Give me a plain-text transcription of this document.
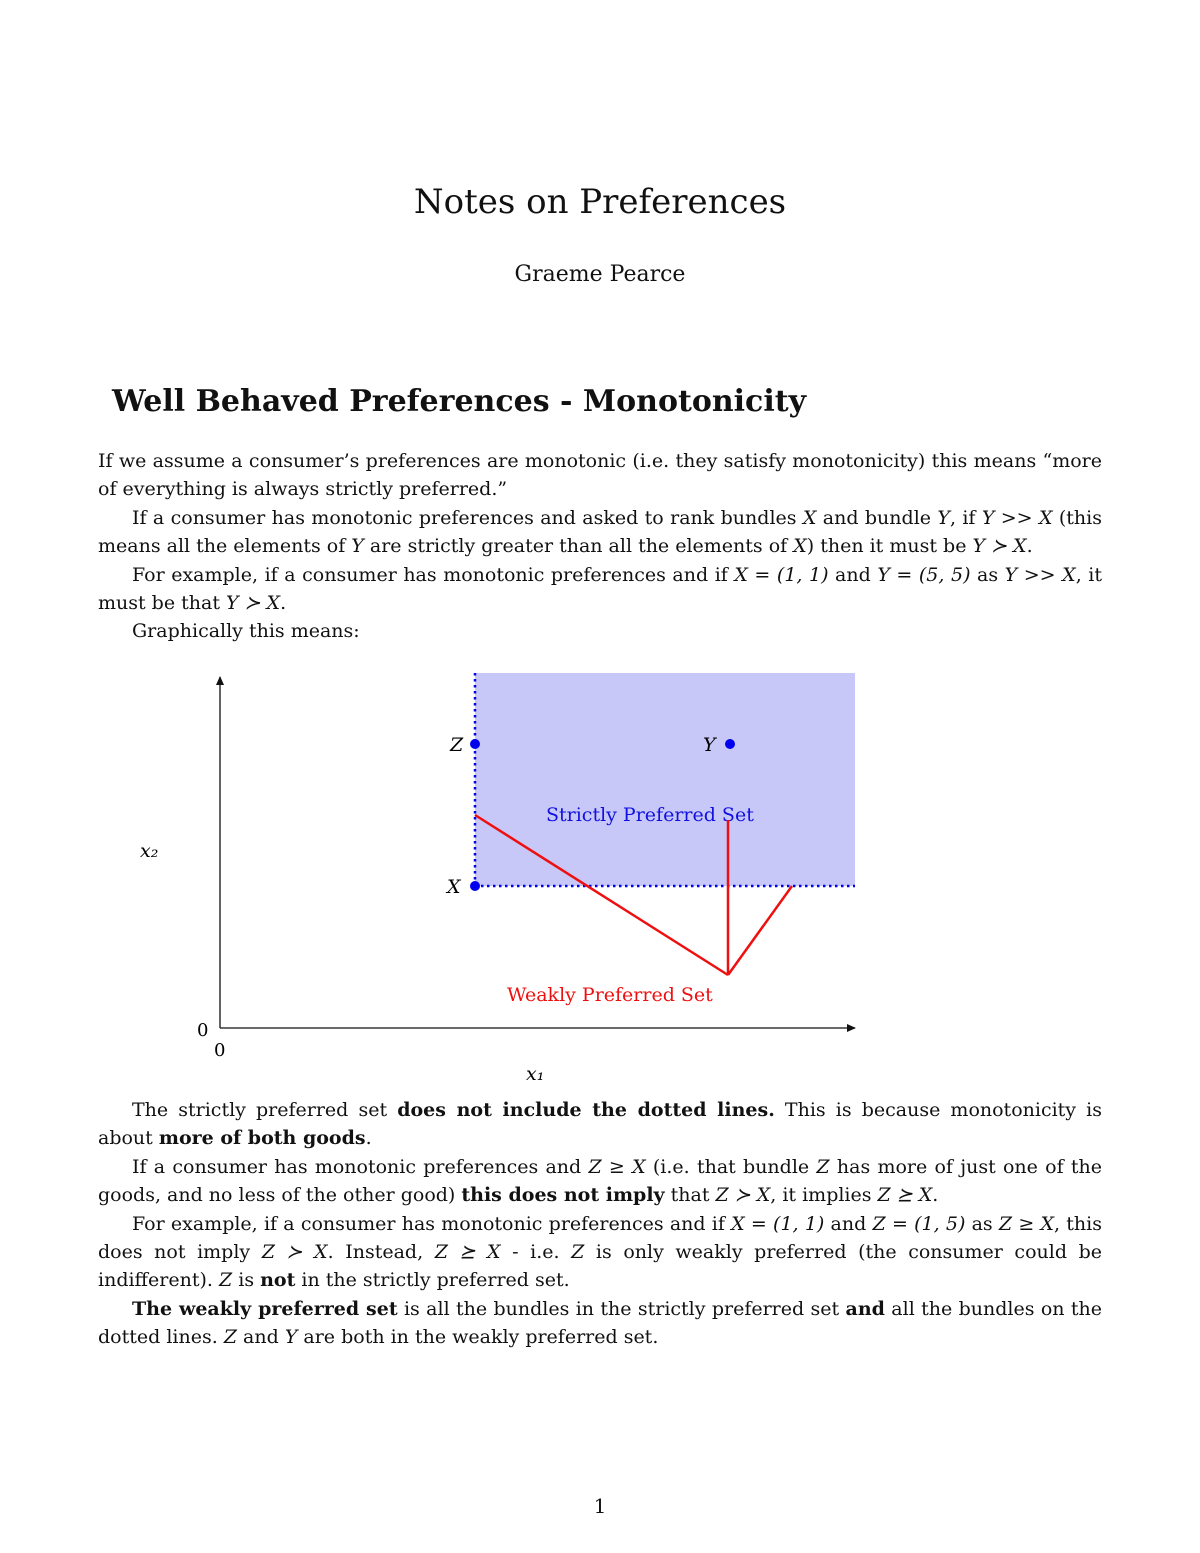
Notes on Preferences
Graeme Pearce
Well Behaved Preferences - Monotonicity

If we assume a consumer’s preferences are monotonic (i.e. they satisfy monotonicity) this means “more of everything is always strictly preferred.”

If a consumer has monotonic preferences and asked to rank bundles X and bundle Y, if Y >> X (this means all the elements of Y are strictly greater than all the elements of X) then it must be Y ≻ X.

For example, if a consumer has monotonic preferences and if X = (1, 1) and Y = (5, 5) as Y >> X, it must be that Y ≻ X.

Graphically this means:

x₂
x₁
0
0
Z	Y
X
Strictly Preferred Set
Weakly Preferred Set

The strictly preferred set does not include the dotted lines. This is because monotonicity is about more of both goods.

If a consumer has monotonic preferences and Z ≥ X (i.e. that bundle Z has more of just one of the goods, and no less of the other good) this does not imply that Z ≻ X, it implies Z ⪰ X.

For example, if a consumer has monotonic preferences and if X = (1, 1) and Z = (1, 5) as Z ≥ X, this does not imply Z ≻ X. Instead, Z ⪰ X - i.e. Z is only weakly preferred (the consumer could be indifferent). Z is not in the strictly preferred set.

The weakly preferred set is all the bundles in the strictly preferred set and all the bundles on the dotted lines. Z and Y are both in the weakly preferred set.

1
